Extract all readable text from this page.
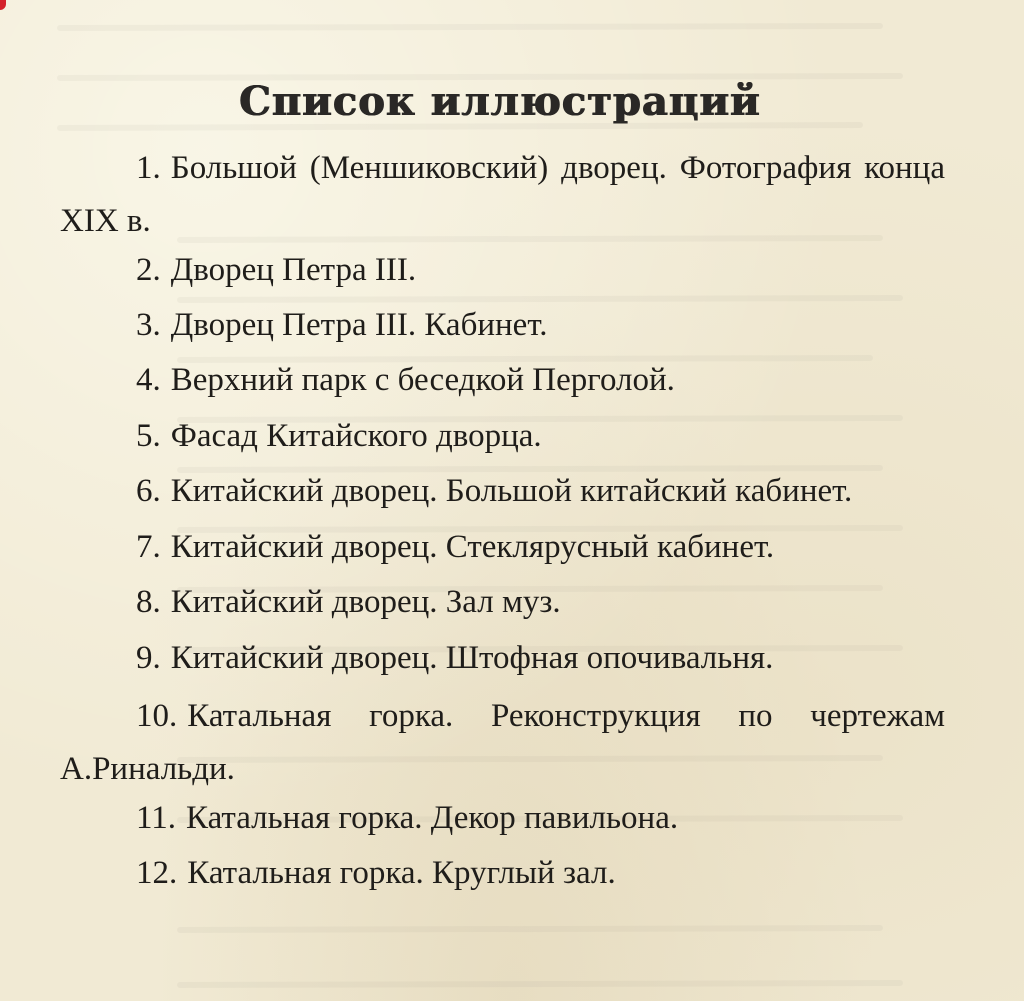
Список иллюстраций

1. Большой (Меншиковский) дворец. Фотография конца XIX в.

2. Дворец Петра III.

3. Дворец Петра III. Кабинет.

4. Верхний парк с беседкой Перголой.

5. Фасад Китайского дворца.

6. Китайский дворец. Большой китайский кабинет.

7. Китайский дворец. Стеклярусный кабинет.

8. Китайский дворец. Зал муз.

9. Китайский дворец. Штофная опочивальня.

10. Катальная горка. Реконструкция по чертежам А.Ринальди.

11. Катальная горка. Декор павильона.

12. Катальная горка. Круглый зал.
